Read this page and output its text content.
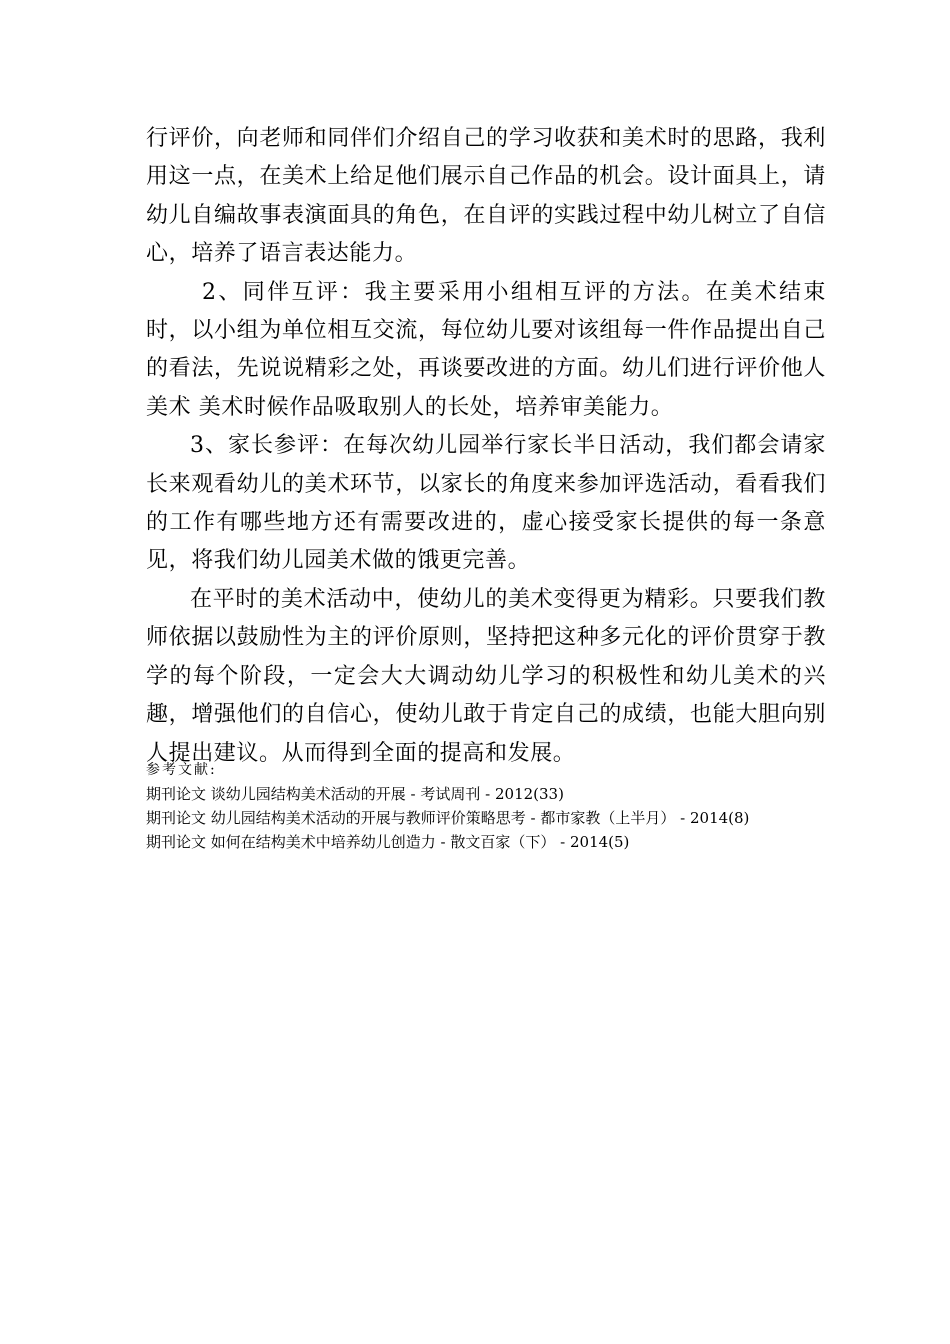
行评价，向老师和同伴们介绍自己的学习收获和美术时的思路，我利用这一点，在美术上给足他们展示自己作品的机会。设计面具上，请幼儿自编故事表演面具的角色，在自评的实践过程中幼儿树立了自信心，培养了语言表达能力。

2、同伴互评：我主要采用小组相互评的方法。在美术结束时，以小组为单位相互交流，每位幼儿要对该组每一件作品提出自己的看法，先说说精彩之处，再谈要改进的方面。幼儿们进行评价他人美术 美术时候作品吸取别人的长处，培养审美能力。

3、家长参评：在每次幼儿园举行家长半日活动，我们都会请家长来观看幼儿的美术环节，以家长的角度来参加评选活动，看看我们的工作有哪些地方还有需要改进的，虚心接受家长提供的每一条意见，将我们幼儿园美术做的饿更完善。

在平时的美术活动中，使幼儿的美术变得更为精彩。只要我们教师依据以鼓励性为主的评价原则，坚持把这种多元化的评价贯穿于教学的每个阶段，一定会大大调动幼儿学习的积极性和幼儿美术的兴趣，增强他们的自信心，使幼儿敢于肯定自己的成绩，也能大胆向别人提出建议。从而得到全面的提高和发展。

参考文献:

期刊论文 谈幼儿园结构美术活动的开展 - 考试周刊 - 2012(33)

期刊论文 幼儿园结构美术活动的开展与教师评价策略思考 - 都市家教（上半月） - 2014(8)

期刊论文 如何在结构美术中培养幼儿创造力 - 散文百家（下） - 2014(5)
